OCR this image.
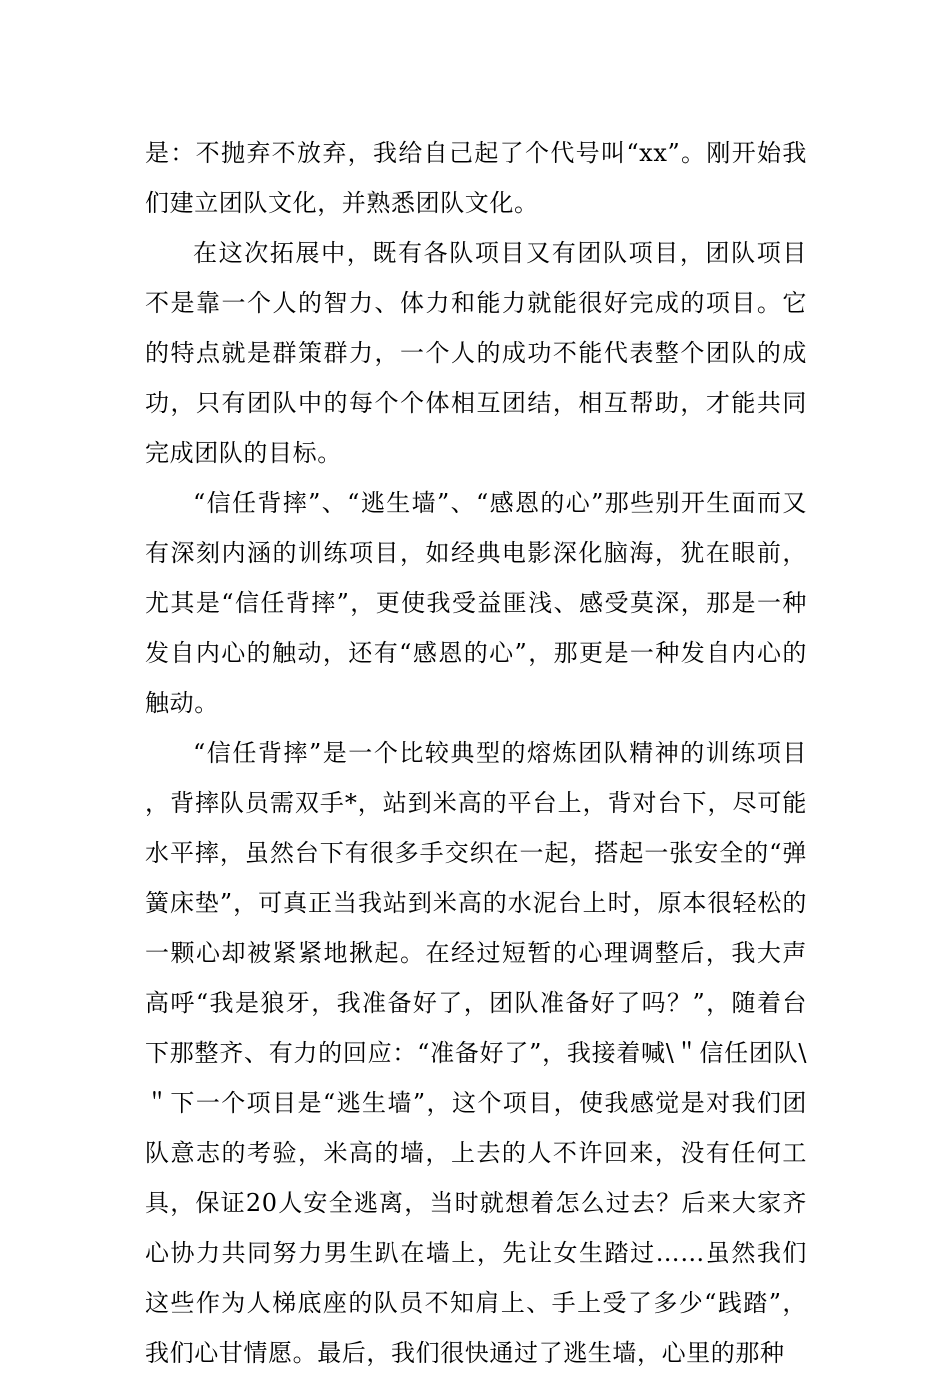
是：不抛弃不放弃，我给自己起了个代号叫“xx”。刚开始我们建立团队文化，并熟悉团队文化。

在这次拓展中，既有各队项目又有团队项目，团队项目不是靠一个人的智力、体力和能力就能很好完成的项目。它的特点就是群策群力，一个人的成功不能代表整个团队的成功，只有团队中的每个个体相互团结，相互帮助，才能共同完成团队的目标。

“信任背摔”、“逃生墙”、“感恩的心”那些别开生面而又有深刻内涵的训练项目，如经典电影深化脑海，犹在眼前，尤其是“信任背摔”，更使我受益匪浅、感受莫深，那是一种发自内心的触动，还有“感恩的心”，那更是一种发自内心的触动。

“信任背摔”是一个比较典型的熔炼团队精神的训练项目，背摔队员需双手*，站到米高的平台上，背对台下，尽可能水平摔，虽然台下有很多手交织在一起，搭起一张安全的“弹簧床垫”，可真正当我站到米高的水泥台上时，原本很轻松的一颗心却被紧紧地揪起。在经过短暂的心理调整后，我大声高呼“我是狼牙，我准备好了，团队准备好了吗？”，随着台下那整齐、有力的回应：“准备好了”，我接着喊\＂信任团队\＂下一个项目是“逃生墙”，这个项目，使我感觉是对我们团队意志的考验，米高的墙，上去的人不许回来，没有任何工具，保证20人安全逃离，当时就想着怎么过去？后来大家齐心协力共同努力男生趴在墙上，先让女生踏过……虽然我们这些作为人梯底座的队员不知肩上、手上受了多少“践踏”，我们心甘情愿。最后，我们很快通过了逃生墙，心里的那种
